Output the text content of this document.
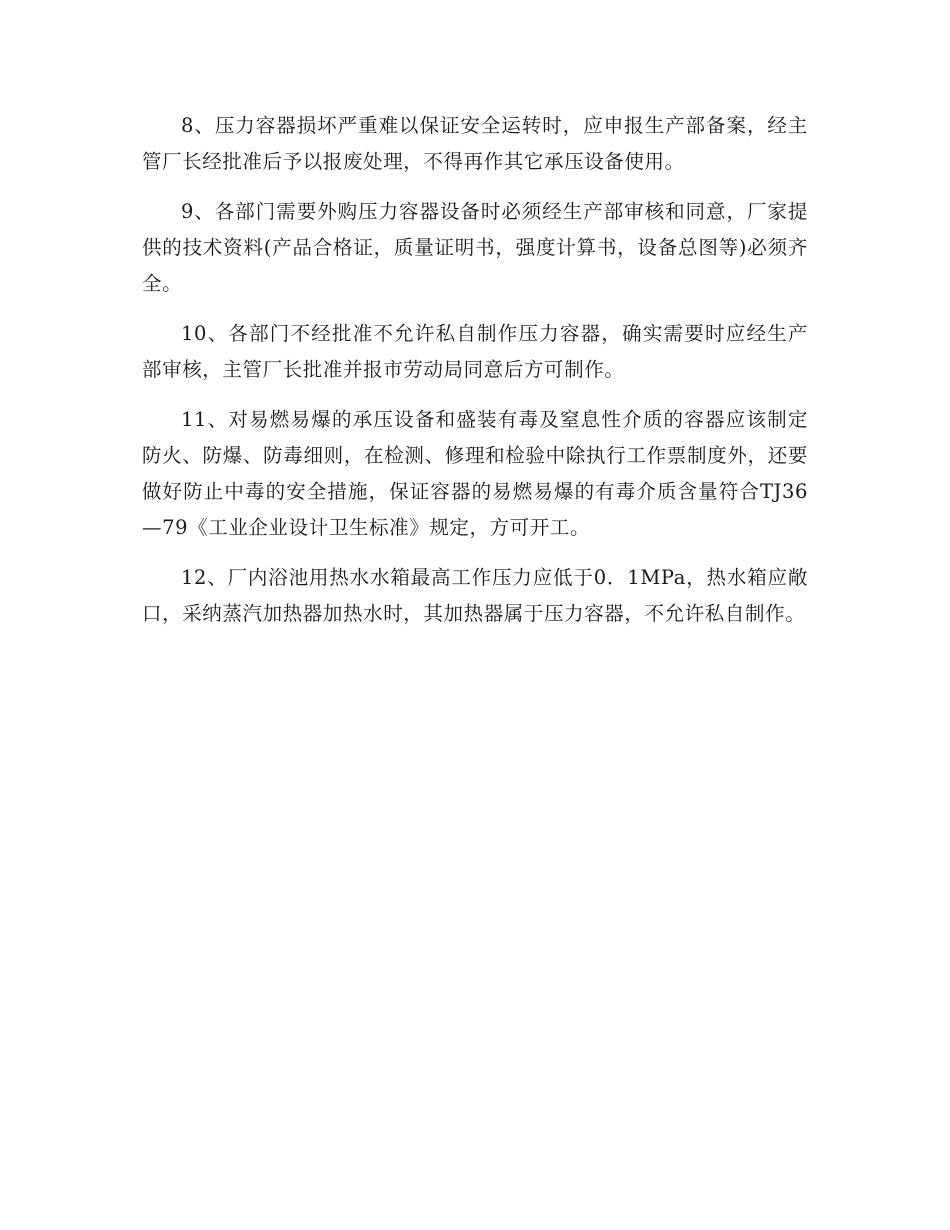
8、压力容器损坏严重难以保证安全运转时，应申报生产部备案，经主管厂长经批准后予以报废处理，不得再作其它承压设备使用。

9、各部门需要外购压力容器设备时必须经生产部审核和同意，厂家提供的技术资料(产品合格证，质量证明书，强度计算书，设备总图等)必须齐全。

10、各部门不经批准不允许私自制作压力容器，确实需要时应经生产部审核，主管厂长批准并报市劳动局同意后方可制作。

11、对易燃易爆的承压设备和盛装有毒及窒息性介质的容器应该制定防火、防爆、防毒细则，在检测、修理和检验中除执行工作票制度外，还要做好防止中毒的安全措施，保证容器的易燃易爆的有毒介质含量符合TJ36—79《工业企业设计卫生标准》规定，方可开工。

12、厂内浴池用热水水箱最高工作压力应低于0．1MPa，热水箱应敞口，采纳蒸汽加热器加热水时，其加热器属于压力容器，不允许私自制作。
